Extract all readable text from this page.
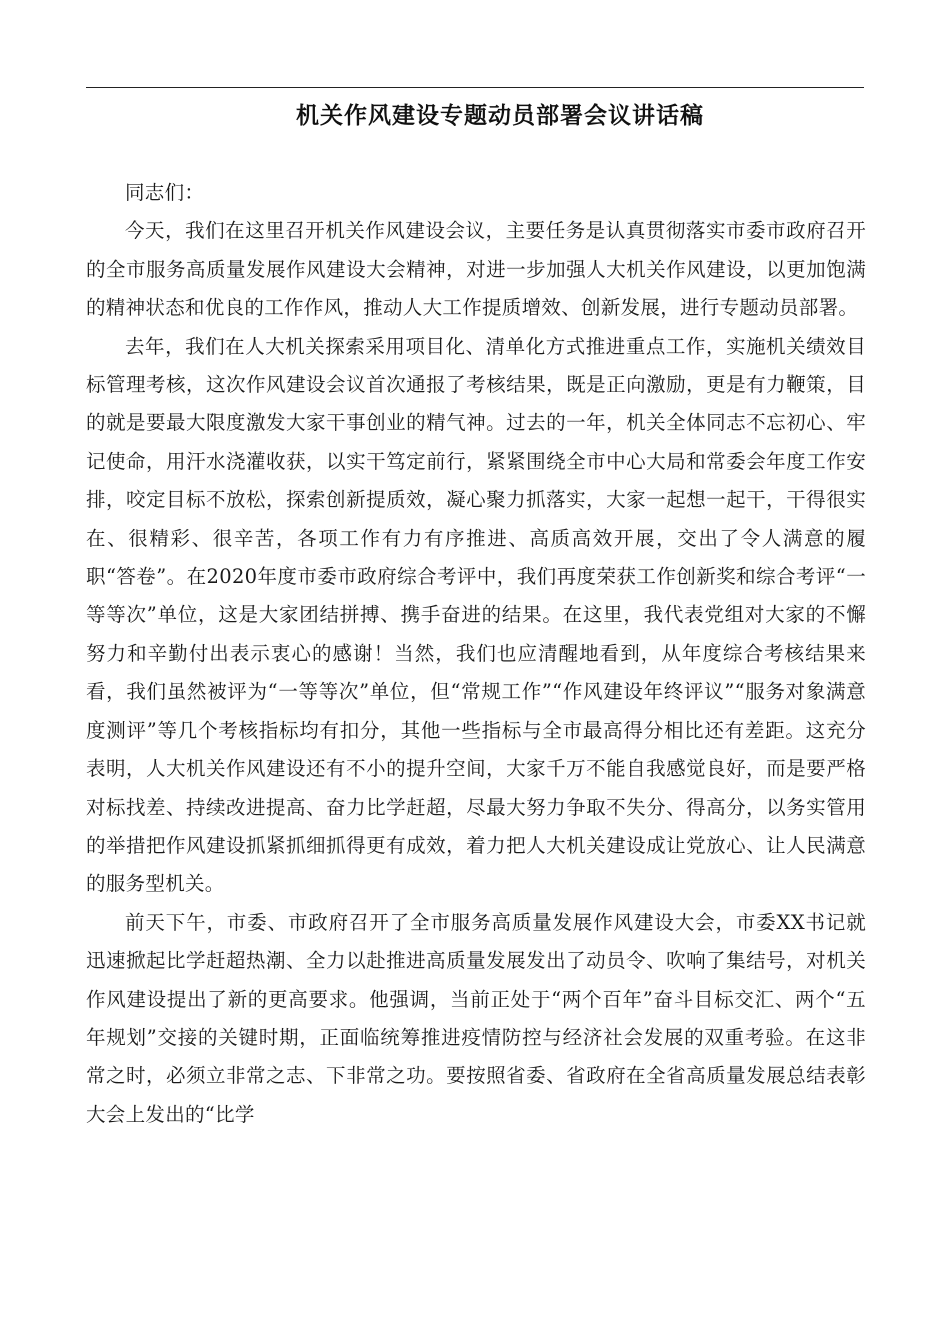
机关作风建设专题动员部署会议讲话稿

同志们：

今天，我们在这里召开机关作风建设会议，主要任务是认真贯彻落实市委市政府召开的全市服务高质量发展作风建设大会精神，对进一步加强人大机关作风建设，以更加饱满的精神状态和优良的工作作风，推动人大工作提质增效、创新发展，进行专题动员部署。

去年，我们在人大机关探索采用项目化、清单化方式推进重点工作，实施机关绩效目标管理考核，这次作风建设会议首次通报了考核结果，既是正向激励，更是有力鞭策，目的就是要最大限度激发大家干事创业的精气神。过去的一年，机关全体同志不忘初心、牢记使命，用汗水浇灌收获，以实干笃定前行，紧紧围绕全市中心大局和常委会年度工作安排，咬定目标不放松，探索创新提质效，凝心聚力抓落实，大家一起想一起干，干得很实在、很精彩、很辛苦，各项工作有力有序推进、高质高效开展，交出了令人满意的履职“答卷”。在2020年度市委市政府综合考评中，我们再度荣获工作创新奖和综合考评“一等等次”单位，这是大家团结拼搏、携手奋进的结果。在这里，我代表党组对大家的不懈努力和辛勤付出表示衷心的感谢！当然，我们也应清醒地看到，从年度综合考核结果来看，我们虽然被评为“一等等次”单位，但“常规工作”“作风建设年终评议”“服务对象满意度测评”等几个考核指标均有扣分，其他一些指标与全市最高得分相比还有差距。这充分表明，人大机关作风建设还有不小的提升空间，大家千万不能自我感觉良好，而是要严格对标找差、持续改进提高、奋力比学赶超，尽最大努力争取不失分、得高分，以务实管用的举措把作风建设抓紧抓细抓得更有成效，着力把人大机关建设成让党放心、让人民满意的服务型机关。

前天下午，市委、市政府召开了全市服务高质量发展作风建设大会，市委XX书记就迅速掀起比学赶超热潮、全力以赴推进高质量发展发出了动员令、吹响了集结号，对机关作风建设提出了新的更高要求。他强调，当前正处于“两个百年”奋斗目标交汇、两个“五年规划”交接的关键时期，正面临统筹推进疫情防控与经济社会发展的双重考验。在这非常之时，必须立非常之志、下非常之功。要按照省委、省政府在全省高质量发展总结表彰大会上发出的“比学
